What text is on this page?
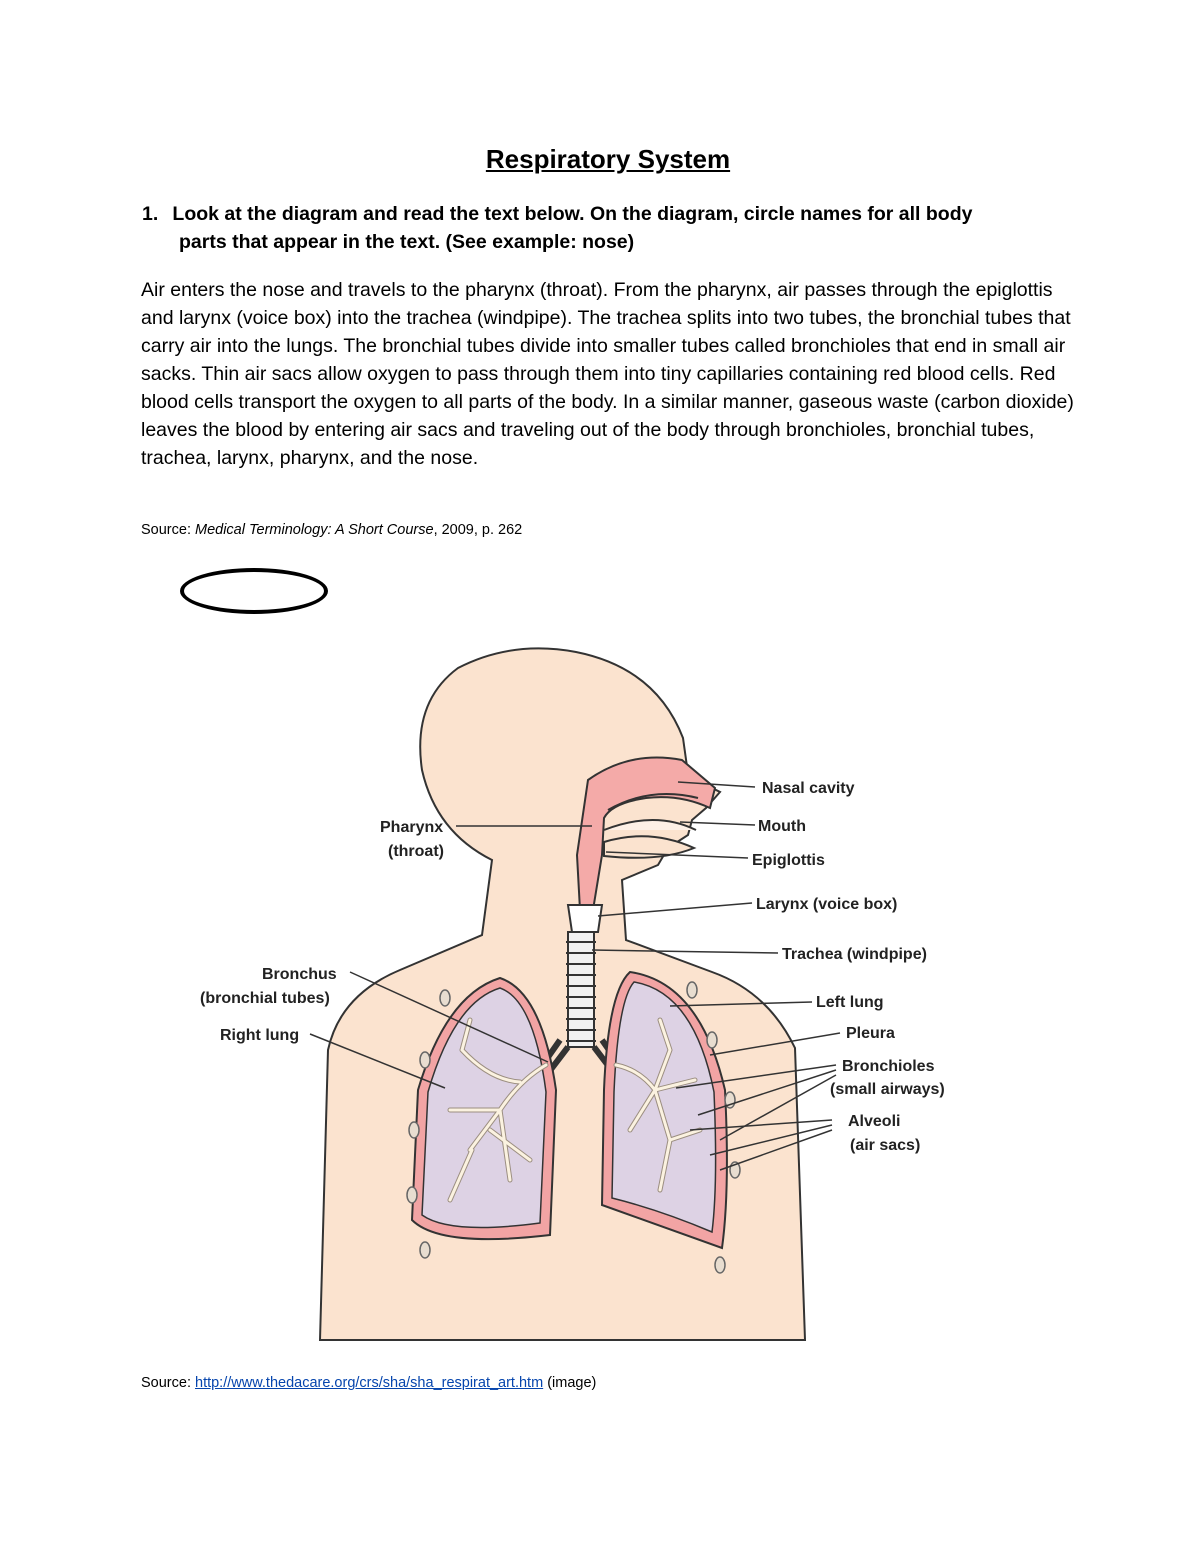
Respiratory System
1. Look at the diagram and read the text below. On the diagram, circle names for all body
parts that appear in the text. (See example: nose)
Air enters the nose and travels to the pharynx (throat). From the pharynx, air passes through the epiglottis and larynx (voice box) into the trachea (windpipe). The trachea splits into two tubes, the bronchial tubes that carry air into the lungs. The bronchial tubes divide into smaller tubes called bronchioles that end in small air sacks. Thin air sacs allow oxygen to pass through them into tiny capillaries containing red blood cells. Red blood cells transport the oxygen to all parts of the body. In a similar manner, gaseous waste (carbon dioxide) leaves the blood by entering air sacs and traveling out of the body through bronchioles, bronchial tubes, trachea, larynx, pharynx, and the nose.
Source: Medical Terminology: A Short Course, 2009, p. 262
Nasal cavity
Mouth
Epiglottis
Larynx (voice box)
Trachea (windpipe)
Left lung
Pleura
Bronchioles
(small airways)
Alveoli
(air sacs)
Pharynx
(throat)
Bronchus
(bronchial tubes)
Right lung
Source: http://www.thedacare.org/crs/sha/sha_respirat_art.htm (image)
